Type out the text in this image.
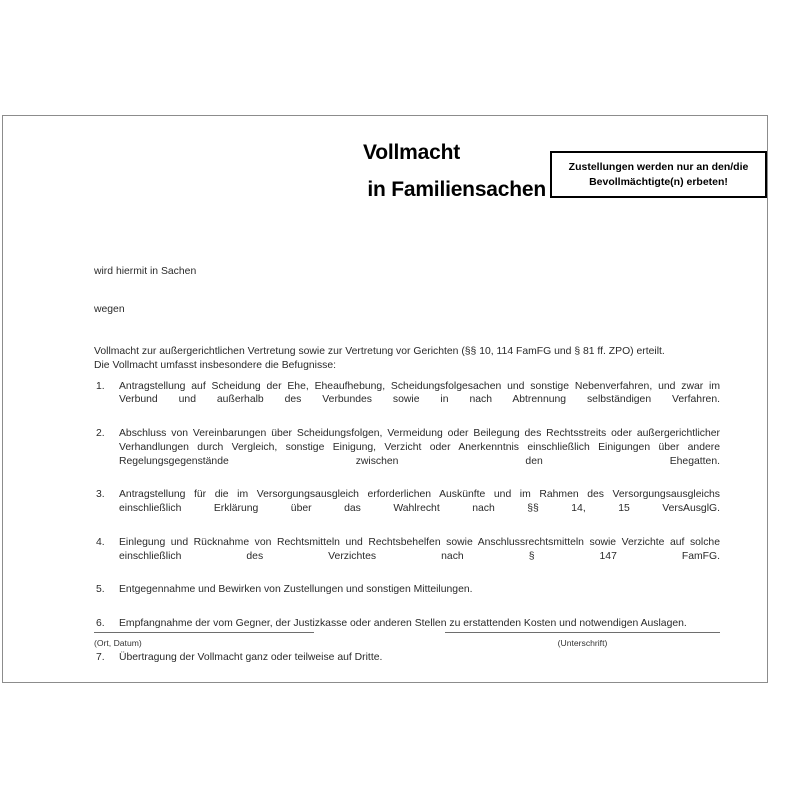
Vollmacht
in Familiensachen
Zustellungen werden nur an den/die
Bevollmächtigte(n) erbeten!
wird hiermit in Sachen
wegen

Vollmacht zur außergerichtlichen Vertretung sowie zur Vertretung vor Gerichten (§§ 10, 114 FamFG und § 81 ff. ZPO) erteilt.

Die Vollmacht umfasst insbesondere die Befugnisse:

1.	Antragstellung auf Scheidung der Ehe, Eheaufhebung, Scheidungsfolgesachen und sonstige Nebenverfahren, und zwar im Verbund und außerhalb des Verbundes sowie in nach Abtrennung selbständigen Verfahren.
2.	Abschluss von Vereinbarungen über Scheidungsfolgen, Vermeidung oder Beilegung des Rechtsstreits oder außergerichtlicher Verhandlungen durch Vergleich, sonstige Einigung, Verzicht oder Anerkenntnis einschließlich Einigungen über andere Regelungsgegenstände zwischen den Ehegatten.
3.	Antragstellung für die im Versorgungsausgleich erforderlichen Auskünfte und im Rahmen des Versorgungsausgleichs einschließlich Erklärung über das Wahlrecht nach §§ 14, 15 VersAusglG.
4.	Einlegung und Rücknahme von Rechtsmitteln und Rechtsbehelfen sowie Anschlussrechtsmitteln sowie Verzichte auf solche einschließlich des Verzichtes nach § 147 FamFG.
5.	Entgegennahme und Bewirken von Zustellungen und sonstigen Mitteilungen.
6.	Empfangnahme der vom Gegner, der Justizkasse oder anderen Stellen zu erstattenden Kosten und notwendigen Auslagen.
7.	Übertragung der Vollmacht ganz oder teilweise auf Dritte.
(Ort, Datum)	(Unterschrift)
